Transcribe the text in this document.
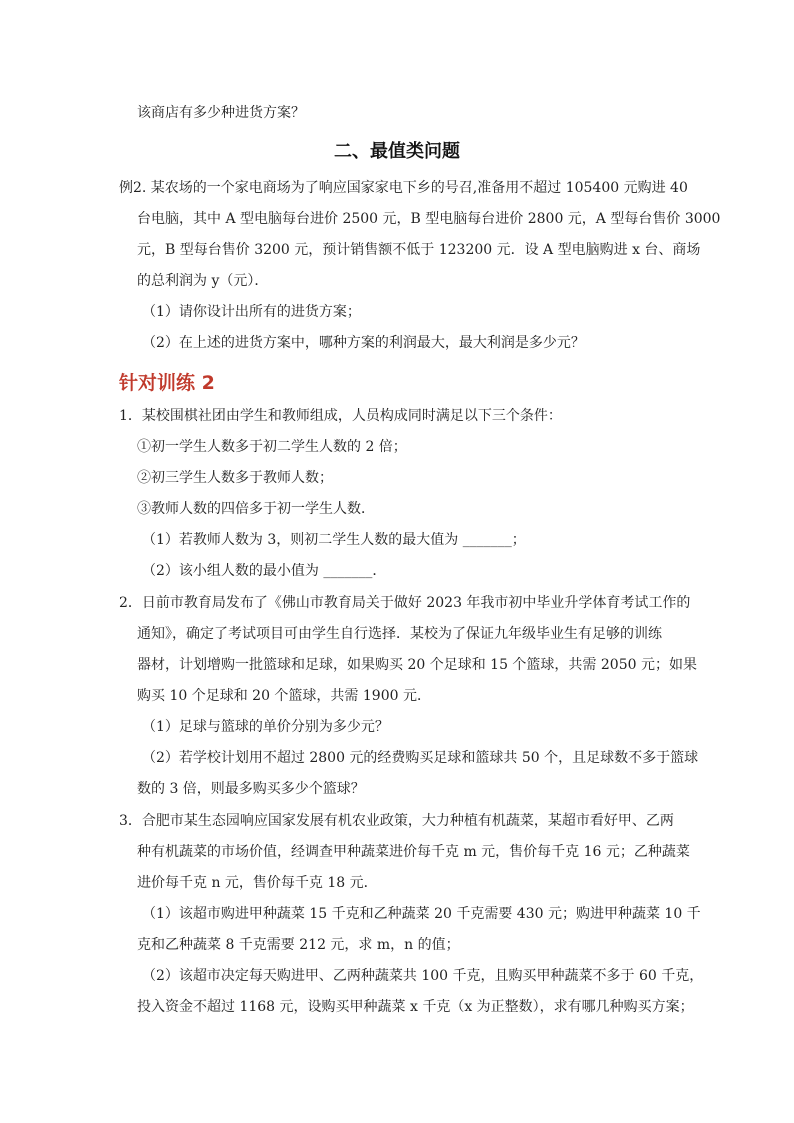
该商店有多少种进货方案？
二、最值类问题
例2. 某农场的一个家电商场为了响应国家家电下乡的号召,准备用不超过 105400 元购进 40
台电脑，其中 A 型电脑每台进价 2500 元，B 型电脑每台进价 2800 元，A 型每台售价 3000
元，B 型每台售价 3200 元，预计销售额不低于 123200 元．设 A 型电脑购进 x 台、商场
的总利润为 y（元）．
（1）请你设计出所有的进货方案；
（2）在上述的进货方案中，哪种方案的利润最大，最大利润是多少元？
针对训练 2
1．某校围棋社团由学生和教师组成，人员构成同时满足以下三个条件：
①初一学生人数多于初二学生人数的 2 倍；
②初三学生人数多于教师人数；
③教师人数的四倍多于初一学生人数．
（1）若教师人数为 3，则初二学生人数的最大值为 _______；
（2）该小组人数的最小值为 _______．
2．日前市教育局发布了《佛山市教育局关于做好 2023 年我市初中毕业升学体育考试工作的
通知》，确定了考试项目可由学生自行选择．某校为了保证九年级毕业生有足够的训练
器材，计划增购一批篮球和足球，如果购买 20 个足球和 15 个篮球，共需 2050 元；如果
购买 10 个足球和 20 个篮球，共需 1900 元．
（1）足球与篮球的单价分别为多少元？
（2）若学校计划用不超过 2800 元的经费购买足球和篮球共 50 个，且足球数不多于篮球
数的 3 倍，则最多购买多少个篮球？
3．合肥市某生态园响应国家发展有机农业政策，大力种植有机蔬菜，某超市看好甲、乙两
种有机蔬菜的市场价值，经调查甲种蔬菜进价每千克 m 元，售价每千克 16 元；乙种蔬菜
进价每千克 n 元，售价每千克 18 元．
（1）该超市购进甲种蔬菜 15 千克和乙种蔬菜 20 千克需要 430 元；购进甲种蔬菜 10 千
克和乙种蔬菜 8 千克需要 212 元，求 m，n 的值；
（2）该超市决定每天购进甲、乙两种蔬菜共 100 千克，且购买甲种蔬菜不多于 60 千克，
投入资金不超过 1168 元，设购买甲种蔬菜 x 千克（x 为正整数），求有哪几种购买方案；
